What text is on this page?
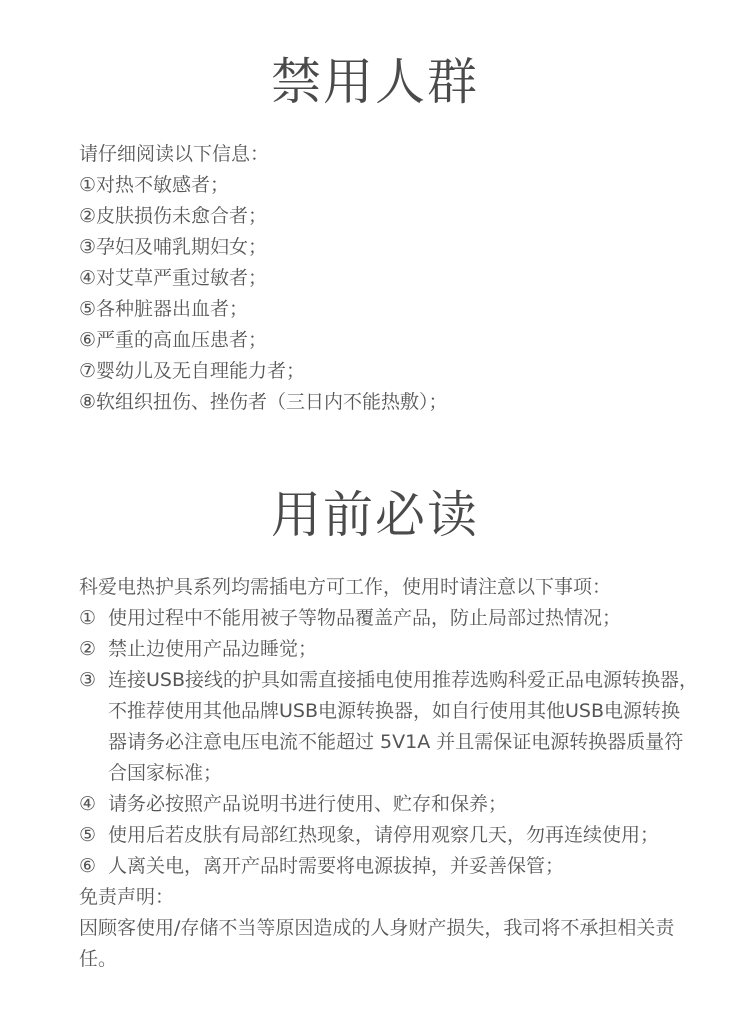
禁用人群
请仔细阅读以下信息：
①对热不敏感者；
②皮肤损伤未愈合者；
③孕妇及哺乳期妇女；
④对艾草严重过敏者；
⑤各种脏器出血者；
⑥严重的高血压患者；
⑦婴幼儿及无自理能力者；
⑧软组织扭伤、挫伤者（三日内不能热敷）；
用前必读
科爱电热护具系列均需插电方可工作，使用时请注意以下事项：
① 使用过程中不能用被子等物品覆盖产品，防止局部过热情况；
② 禁止边使用产品边睡觉；
③ 连接USB接线的护具如需直接插电使用推荐选购科爱正品电源转换器，不推荐使用其他品牌USB电源转换器，如自行使用其他USB电源转换器请务必注意电压电流不能超过 5V1A 并且需保证电源转换器质量符合国家标准；
④ 请务必按照产品说明书进行使用、贮存和保养；
⑤ 使用后若皮肤有局部红热现象，请停用观察几天，勿再连续使用；
⑥ 人离关电，离开产品时需要将电源拔掉，并妥善保管；
免责声明：
因顾客使用/存储不当等原因造成的人身财产损失，我司将不承担相关责任。
